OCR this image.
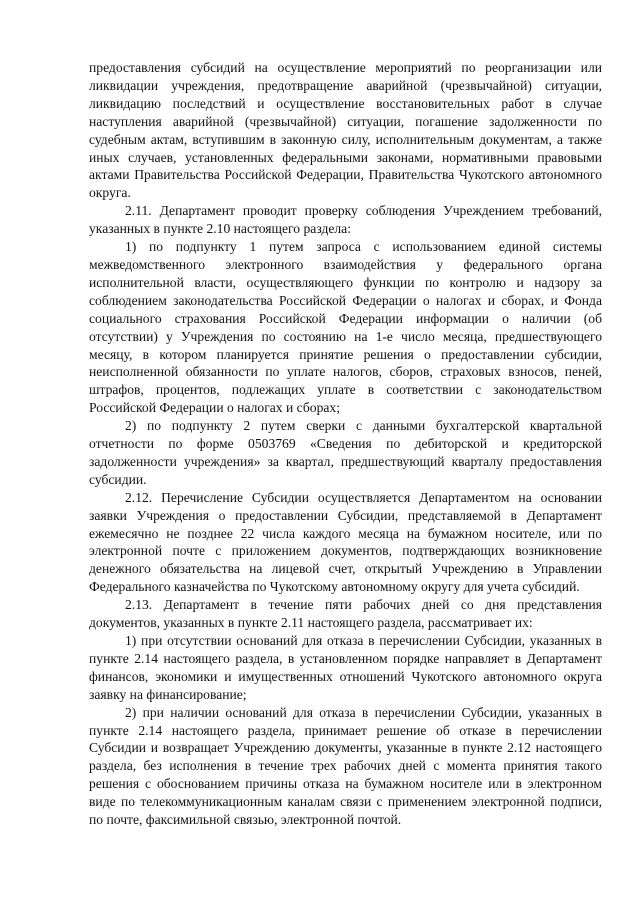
предоставления субсидий на осуществление мероприятий по реорганизации или ликвидации учреждения, предотвращение аварийной (чрезвычайной) ситуации, ликвидацию последствий и осуществление восстановительных работ в случае наступления аварийной (чрезвычайной) ситуации, погашение задолженности по судебным актам, вступившим в законную силу, исполнительным документам, а также иных случаев, установленных федеральными законами, нормативными правовыми актами Правительства Российской Федерации, Правительства Чукотского автономного округа.

2.11. Департамент проводит проверку соблюдения Учреждением требований, указанных в пункте 2.10 настоящего раздела:

1) по подпункту 1 путем запроса с использованием единой системы межведомственного электронного взаимодействия у федерального органа исполнительной власти, осуществляющего функции по контролю и надзору за соблюдением законодательства Российской Федерации о налогах и сборах, и Фонда социального страхования Российской Федерации информации о наличии (об отсутствии) у Учреждения по состоянию на 1-е число месяца, предшествующего месяцу, в котором планируется принятие решения о предоставлении субсидии, неисполненной обязанности по уплате налогов, сборов, страховых взносов, пеней, штрафов, процентов, подлежащих уплате в соответствии с законодательством Российской Федерации о налогах и сборах;

2) по подпункту 2 путем сверки с данными бухгалтерской квартальной отчетности по форме 0503769 «Сведения по дебиторской и кредиторской задолженности учреждения» за квартал, предшествующий кварталу предоставления субсидии.

2.12. Перечисление Субсидии осуществляется Департаментом на основании заявки Учреждения о предоставлении Субсидии, представляемой в Департамент ежемесячно не позднее 22 числа каждого месяца на бумажном носителе, или по электронной почте с приложением документов, подтверждающих возникновение денежного обязательства на лицевой счет, открытый Учреждению в Управлении Федерального казначейства по Чукотскому автономному округу для учета субсидий.

2.13. Департамент в течение пяти рабочих дней со дня представления документов, указанных в пункте 2.11 настоящего раздела, рассматривает их:

1) при отсутствии оснований для отказа в перечислении Субсидии, указанных в пункте 2.14 настоящего раздела, в установленном порядке направляет в Департамент финансов, экономики и имущественных отношений Чукотского автономного округа заявку на финансирование;

2) при наличии оснований для отказа в перечислении Субсидии, указанных в пункте 2.14 настоящего раздела, принимает решение об отказе в перечислении Субсидии и возвращает Учреждению документы, указанные в пункте 2.12 настоящего раздела, без исполнения в течение трех рабочих дней с момента принятия такого решения с обоснованием причины отказа на бумажном носителе или в электронном виде по телекоммуникационным каналам связи с применением электронной подписи, по почте, факсимильной связью, электронной почтой.
